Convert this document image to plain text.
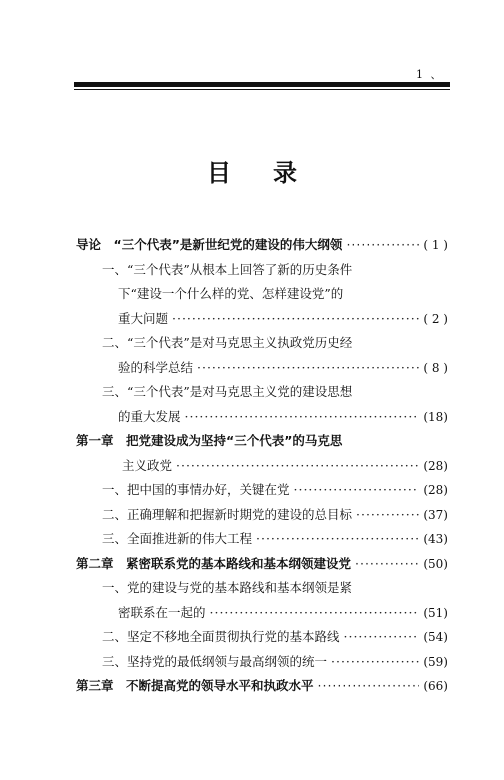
1 、
目录
导论　“三个代表”是新世纪党的建设的伟大纲领 ·····	( 1 )
一、“三个代表”从根本上回答了新的历史条件
下“建设一个什么样的党、怎样建设党”的
重大问题 ·····	( 2 )
二、“三个代表”是对马克思主义执政党历史经
验的科学总结 ·····	( 8 )
三、“三个代表”是对马克思主义党的建设思想
的重大发展 ·····	(18)
第一章　把党建设成为坚持“三个代表”的马克思
主义政党 ·····	(28)
一、把中国的事情办好，关键在党 ·····	(28)
二、正确理解和把握新时期党的建设的总目标 ·····	(37)
三、全面推进新的伟大工程 ·····	(43)
第二章　紧密联系党的基本路线和基本纲领建设党 ·····	(50)
一、党的建设与党的基本路线和基本纲领是紧
密联系在一起的 ·····	(51)
二、坚定不移地全面贯彻执行党的基本路线 ·····	(54)
三、坚持党的最低纲领与最高纲领的统一 ·····	(59)
第三章　不断提高党的领导水平和执政水平 ·····	(66)
